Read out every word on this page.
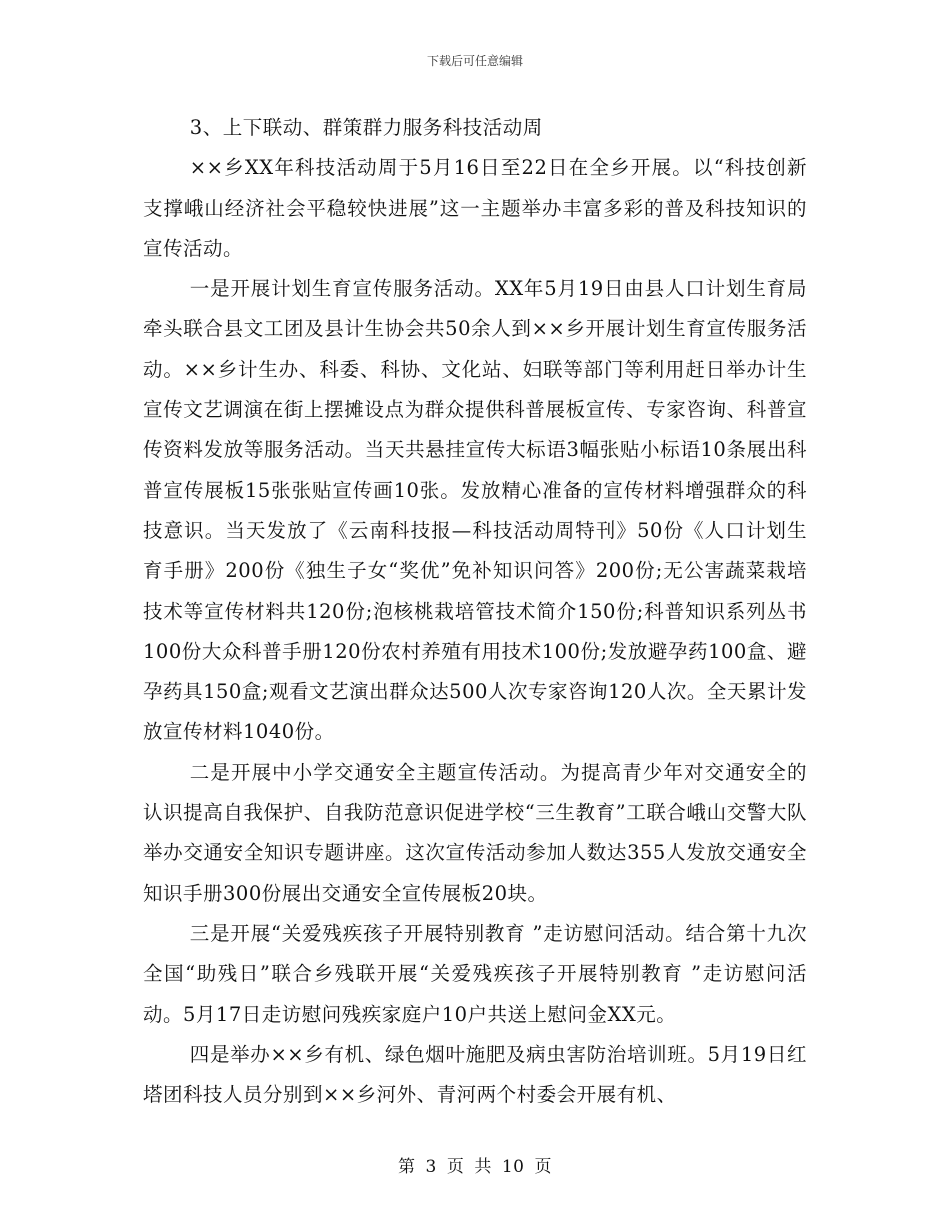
下载后可任意编辑

3、上下联动、群策群力服务科技活动周

××乡XX年科技活动周于5月16日至22日在全乡开展。以“科技创新支撑峨山经济社会平稳较快进展”这一主题举办丰富多彩的普及科技知识的宣传活动。

一是开展计划生育宣传服务活动。XX年5月19日由县人口计划生育局牵头联合县文工团及县计生协会共50余人到××乡开展计划生育宣传服务活动。××乡计生办、科委、科协、文化站、妇联等部门等利用赶日举办计生宣传文艺调演在街上摆摊设点为群众提供科普展板宣传、专家咨询、科普宣传资料发放等服务活动。当天共悬挂宣传大标语3幅张贴小标语10条展出科普宣传展板15张张贴宣传画10张。发放精心准备的宣传材料增强群众的科技意识。当天发放了《云南科技报—科技活动周特刊》50份《人口计划生育手册》200份《独生子女“奖优”免补知识问答》200份;无公害蔬菜栽培技术等宣传材料共120份;泡核桃栽培管技术简介150份;科普知识系列丛书100份大众科普手册120份农村养殖有用技术100份;发放避孕药100盒、避孕药具150盒;观看文艺演出群众达500人次专家咨询120人次。全天累计发放宣传材料1040份。

二是开展中小学交通安全主题宣传活动。为提高青少年对交通安全的认识提高自我保护、自我防范意识促进学校“三生教育”工联合峨山交警大队举办交通安全知识专题讲座。这次宣传活动参加人数达355人发放交通安全知识手册300份展出交通安全宣传展板20块。

三是开展“关爱残疾孩子开展特别教育 ”走访慰问活动。结合第十九次全国“助残日”联合乡残联开展“关爱残疾孩子开展特别教育 ”走访慰问活动。5月17日走访慰问残疾家庭户10户共送上慰问金XX元。

四是举办××乡有机、绿色烟叶施肥及病虫害防治培训班。5月19日红塔团科技人员分别到××乡河外、青河两个村委会开展有机、

第 3 页 共 10 页
